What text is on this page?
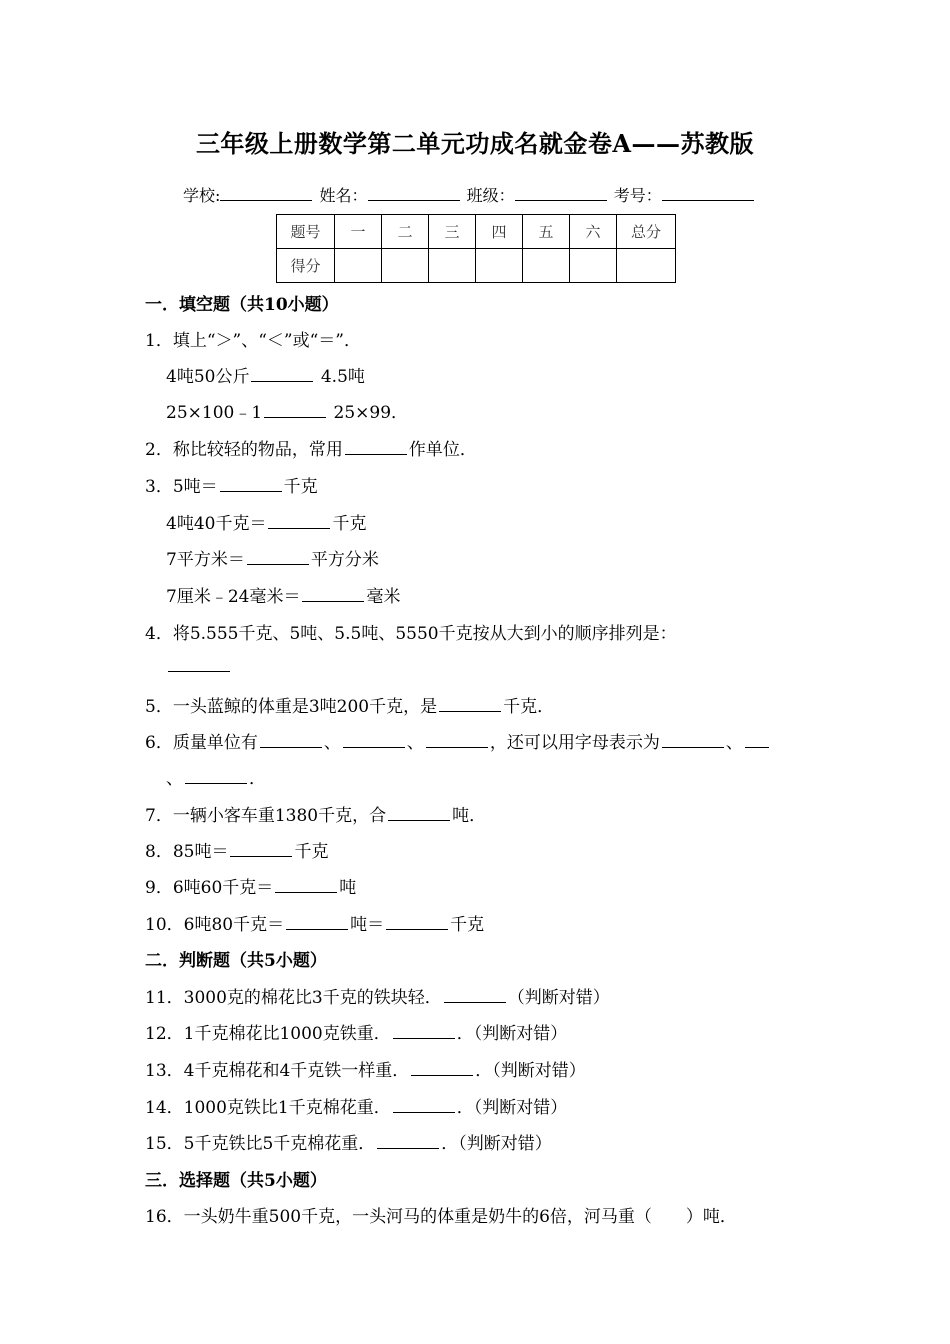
三年级上册数学第二单元功成名就金卷A——苏教版
学校:	姓名：	班级：	考号：
题号	一	二	三	四	五	六	总分
得分							
一．填空题（共10小题）
1．填上“＞”、“＜”或“＝”．
4吨50公斤	4.5吨
25×100﹣1	25×99．
2．称比较轻的物品，常用	作单位．
3．5吨＝	千克
4吨40千克＝	千克
7平方米＝	平方分米
7厘米﹣24毫米＝	毫米
4．将5.555千克、5吨、5.5吨、5550千克按从大到小的顺序排列是：
5．一头蓝鲸的体重是3吨200千克，是	千克．
6．质量单位有	、	、	，还可以用字母表示为	、
、	．
7．一辆小客车重1380千克，合	吨．
8．85吨＝	千克
9．6吨60千克＝	吨
10．6吨80千克＝	吨＝	千克
二．判断题（共5小题）
11．3000克的棉花比3千克的铁块轻．	（判断对错）
12．1千克棉花比1000克铁重．	．（判断对错）
13．4千克棉花和4千克铁一样重．	．（判断对错）
14．1000克铁比1千克棉花重．	．（判断对错）
15．5千克铁比5千克棉花重．	．（判断对错）
三．选择题（共5小题）
16．一头奶牛重500千克，一头河马的体重是奶牛的6倍，河马重（　　）吨．
